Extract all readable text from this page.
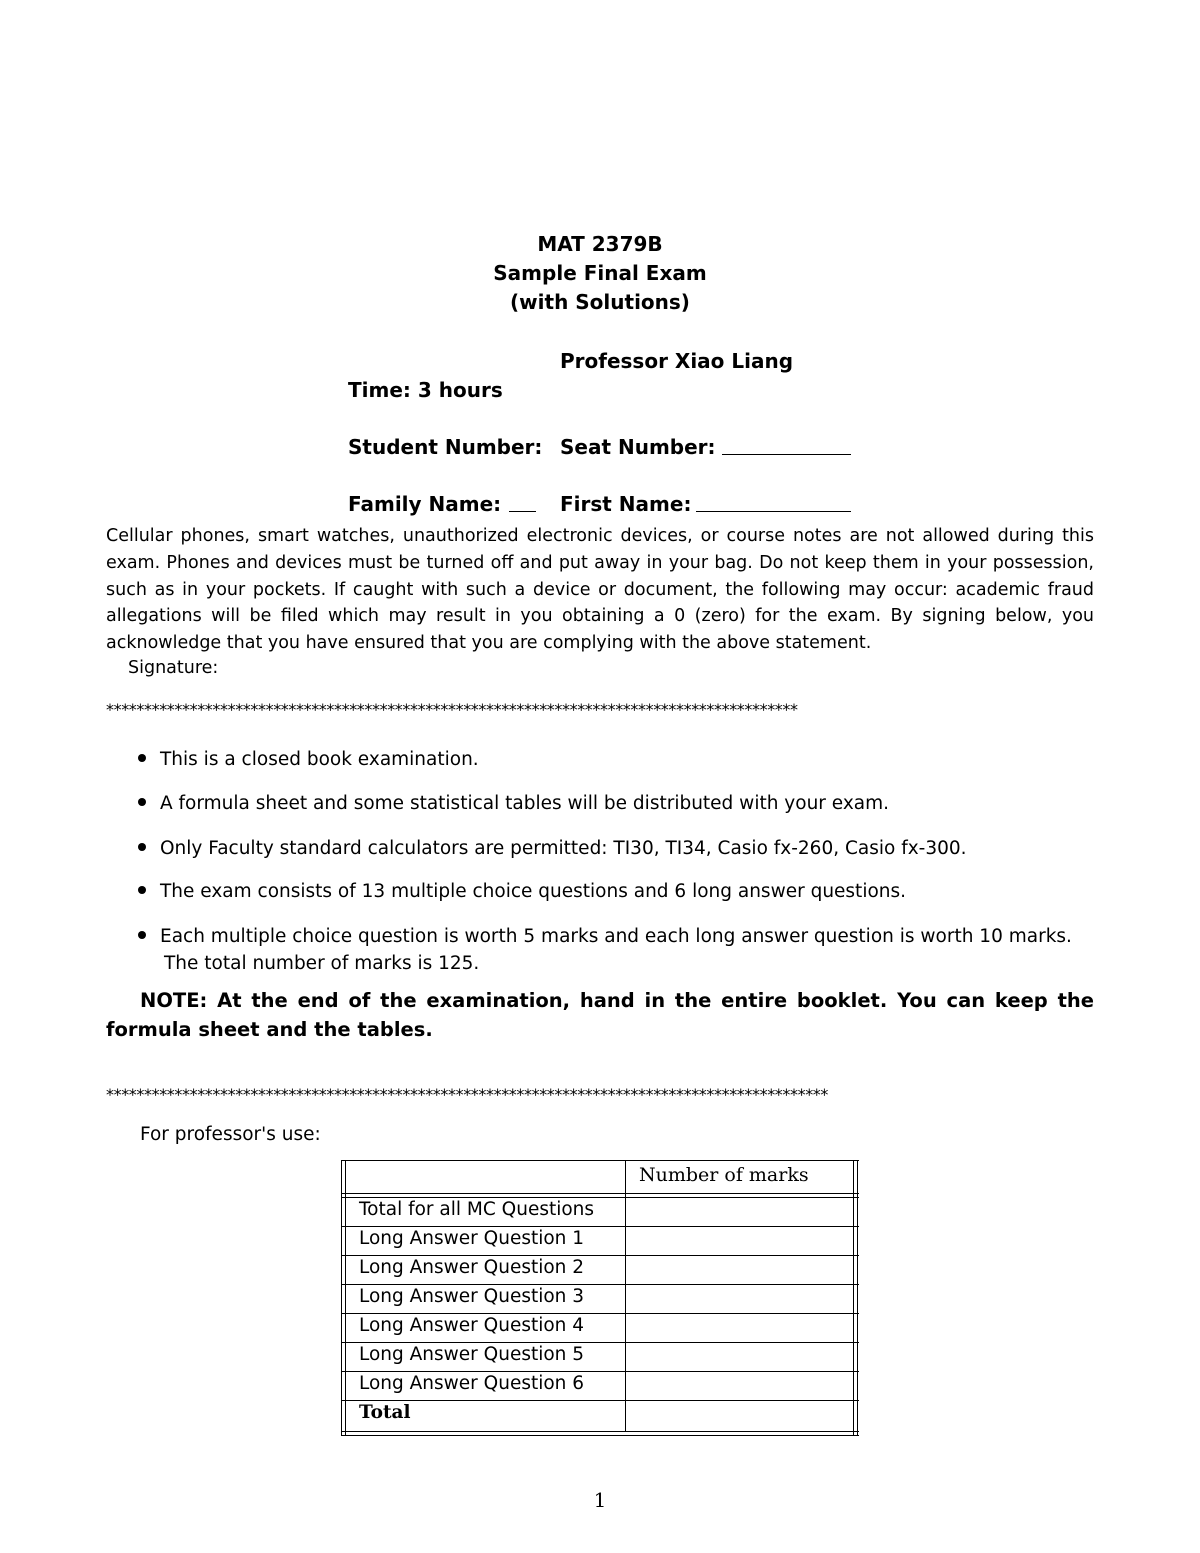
MAT 2379B
Sample Final Exam
(with Solutions)
Professor Xiao Liang
Time: 3 hours
Student Number: Seat Number:
Family Name:	First Name:
Cellular phones, smart watches, unauthorized electronic devices, or course notes are not allowed during this exam. Phones and devices must be turned off and put away in your bag. Do not keep them in your possession, such as in your pockets. If caught with such a device or document, the following may occur: academic fraud allegations will be filed which may result in you obtaining a 0 (zero) for the exam. By signing below, you acknowledge that you have ensured that you are complying with the above statement.
Signature:
*******************************************************************************************
This is a closed book examination.
A formula sheet and some statistical tables will be distributed with your exam.
Only Faculty standard calculators are permitted: TI30, TI34, Casio fx-260, Casio fx-300.
The exam consists of 13 multiple choice questions and 6 long answer questions.
Each multiple choice question is worth 5 marks and each long answer question is worth 10 marks.
The total number of marks is 125.
NOTE: At the end of the examination, hand in the entire booklet. You can keep the formula sheet and the tables.
***********************************************************************************************
For professor's use:
Number of marks
Total for all MC Questions
Long Answer Question 1
Long Answer Question 2
Long Answer Question 3
Long Answer Question 4
Long Answer Question 5
Long Answer Question 6
Total
1
